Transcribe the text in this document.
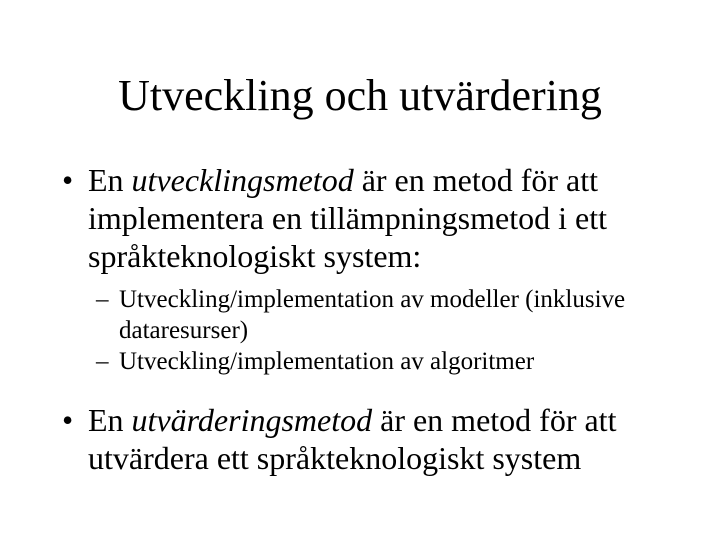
Utveckling och utvärdering
• En utvecklingsmetod är en metod för att implementera en tillämpningsmetod i ett språkteknologiskt system:
– Utveckling/implementation av modeller (inklusive dataresurser)
– Utveckling/implementation av algoritmer
• En utvärderingsmetod är en metod för att utvärdera ett språkteknologiskt system
